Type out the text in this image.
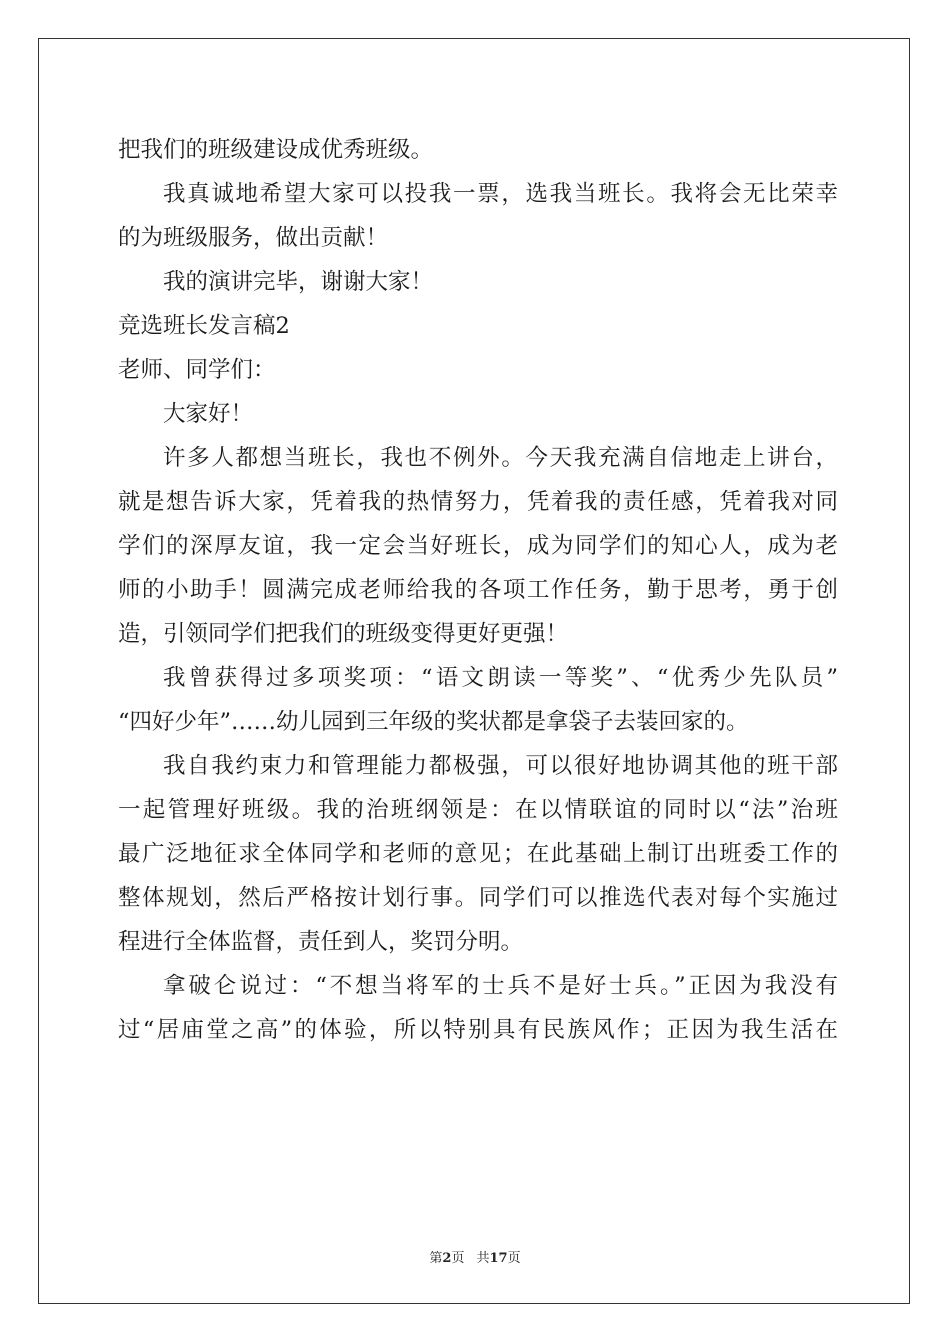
把我们的班级建设成优秀班级。
我真诚地希望大家可以投我一票，选我当班长。我将会无比荣幸
的为班级服务，做出贡献！
我的演讲完毕，谢谢大家！
竞选班长发言稿2
老师、同学们：
大家好！
许多人都想当班长，我也不例外。今天我充满自信地走上讲台，
就是想告诉大家，凭着我的热情努力，凭着我的责任感，凭着我对同
学们的深厚友谊，我一定会当好班长，成为同学们的知心人，成为老
师的小助手！圆满完成老师给我的各项工作任务，勤于思考，勇于创
造，引领同学们把我们的班级变得更好更强！
我曾获得过多项奖项：“语文朗读一等奖”、“优秀少先队员”
“四好少年”……幼儿园到三年级的奖状都是拿袋子去装回家的。
我自我约束力和管理能力都极强，可以很好地协调其他的班干部
一起管理好班级。我的治班纲领是：在以情联谊的同时以“法”治班
最广泛地征求全体同学和老师的意见；在此基础上制订出班委工作的
整体规划，然后严格按计划行事。同学们可以推选代表对每个实施过
程进行全体监督，责任到人，奖罚分明。
拿破仑说过：“不想当将军的士兵不是好士兵。”正因为我没有
过“居庙堂之高”的体验，所以特别具有民族风作；正因为我生活在
第2页 共17页
